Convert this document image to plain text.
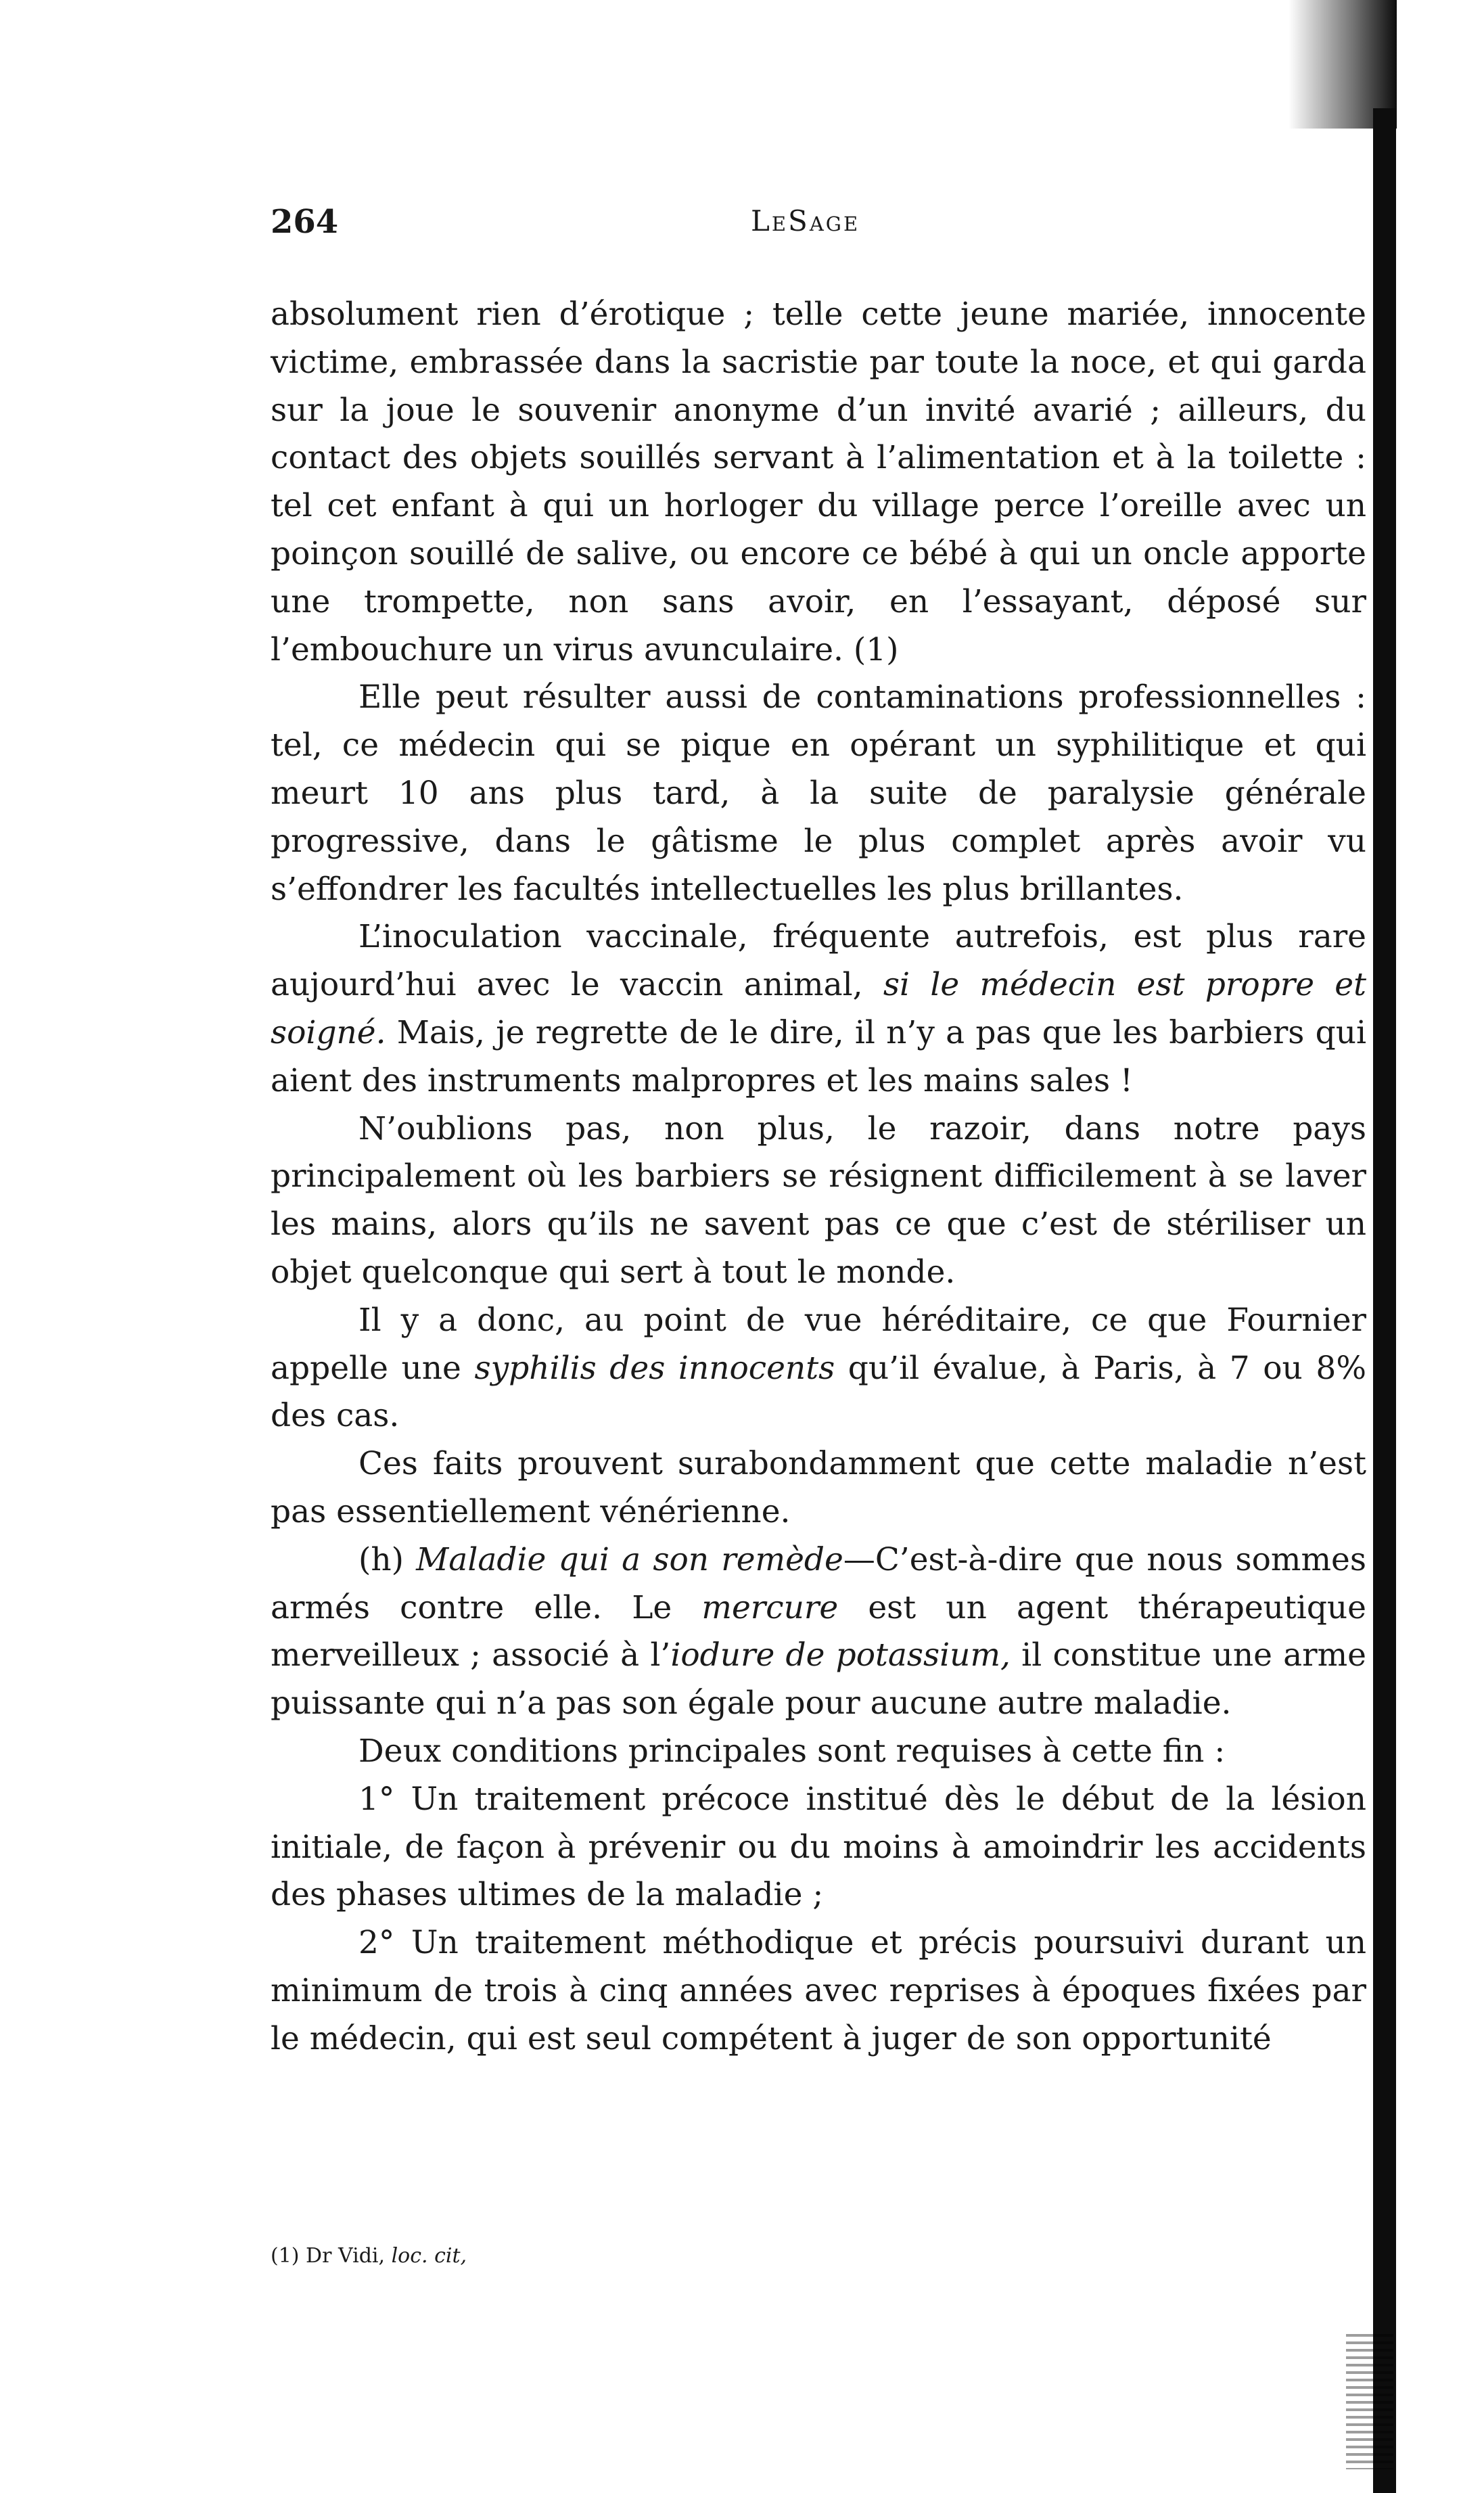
264	LeSage

absolument rien d’érotique ; telle cette jeune mariée, innocente victime, embrassée dans la sacristie par toute la noce, et qui garda sur la joue le souvenir anonyme d’un invité avarié ; ailleurs, du contact des objets souillés servant à l’alimentation et à la toilette : tel cet enfant à qui un horloger du village perce l’oreille avec un poinçon souillé de salive, ou encore ce bébé à qui un oncle apporte une trompette, non sans avoir, en l’essayant, déposé sur l’embouchure un virus avunculaire. (1)

Elle peut résulter aussi de contaminations professionnelles : tel, ce médecin qui se pique en opérant un syphilitique et qui meurt 10 ans plus tard, à la suite de paralysie générale progressive, dans le gâtisme le plus complet après avoir vu s’effondrer les facultés intellectuelles les plus brillantes.

L’inoculation vaccinale, fréquente autrefois, est plus rare aujourd’hui avec le vaccin animal, si le médecin est propre et soigné. Mais, je regrette de le dire, il n’y a pas que les barbiers qui aient des instruments malpropres et les mains sales !

N’oublions pas, non plus, le razoir, dans notre pays principalement où les barbiers se résignent difficilement à se laver les mains, alors qu’ils ne savent pas ce que c’est de stériliser un objet quelconque qui sert à tout le monde.

Il y a donc, au point de vue héréditaire, ce que Fournier appelle une syphilis des innocents qu’il évalue, à Paris, à 7 ou 8% des cas.

Ces faits prouvent surabondamment que cette maladie n’est pas essentiellement vénérienne.

(h) Maladie qui a son remède—C’est-à-dire que nous sommes armés contre elle. Le mercure est un agent thérapeutique merveilleux ; associé à l’iodure de potassium, il constitue une arme puissante qui n’a pas son égale pour aucune autre maladie.

Deux conditions principales sont requises à cette fin :

1° Un traitement précoce institué dès le début de la lésion initiale, de façon à prévenir ou du moins à amoindrir les accidents des phases ultimes de la maladie ;

2° Un traitement méthodique et précis poursuivi durant un minimum de trois à cinq années avec reprises à époques fixées par le médecin, qui est seul compétent à juger de son opportunité

(1) Dr Vidi, loc. cit,
